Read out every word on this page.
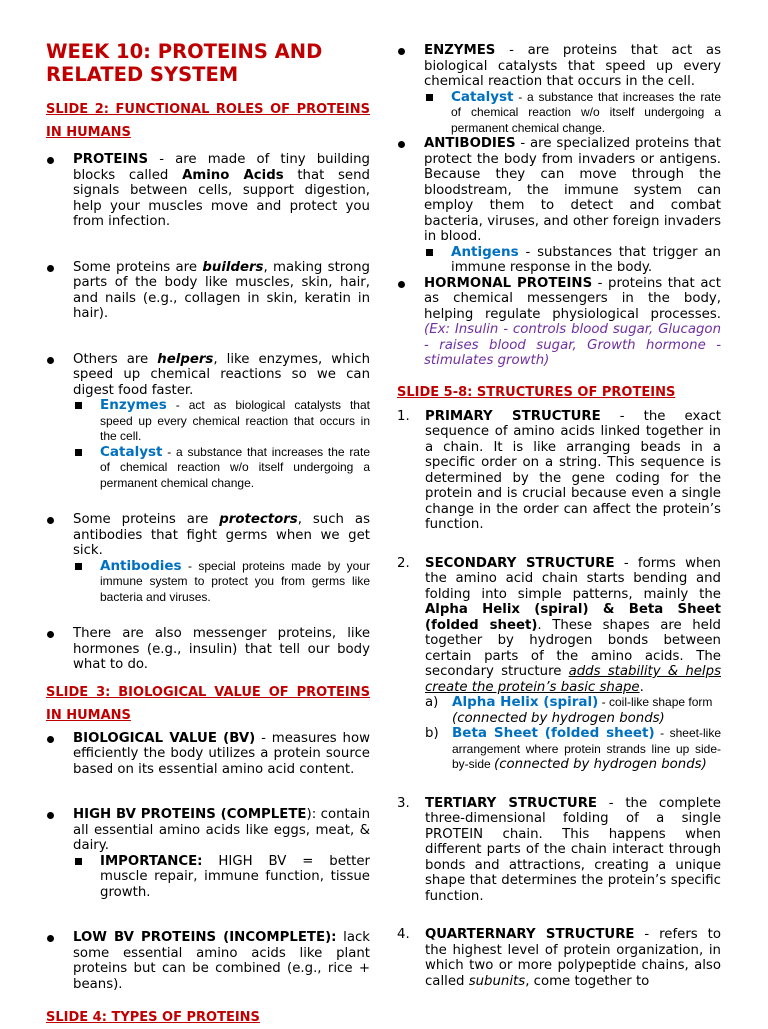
WEEK 10: PROTEINS AND RELATED SYSTEM

SLIDE 2: FUNCTIONAL ROLES OF PROTEINS IN HUMANS

PROTEINS - are made of tiny building blocks called Amino Acids that send signals between cells, support digestion, help your muscles move and protect you from infection.
Some proteins are builders, making strong parts of the body like muscles, skin, hair, and nails (e.g., collagen in skin, keratin in hair).
Others are helpers, like enzymes, which speed up chemical reactions so we can digest food faster.
Enzymes - act as biological catalysts that speed up every chemical reaction that occurs in the cell.
Catalyst - a substance that increases the rate of chemical reaction w/o itself undergoing a permanent chemical change.
Some proteins are protectors, such as antibodies that fight germs when we get sick.
Antibodies - special proteins made by your immune system to protect you from germs like bacteria and viruses.
There are also messenger proteins, like hormones (e.g., insulin) that tell our body what to do.

SLIDE 3: BIOLOGICAL VALUE OF PROTEINS IN HUMANS

BIOLOGICAL VALUE (BV) - measures how efficiently the body utilizes a protein source based on its essential amino acid content.
HIGH BV PROTEINS (COMPLETE): contain all essential amino acids like eggs, meat, & dairy.
IMPORTANCE: HIGH BV = better muscle repair, immune function, tissue growth.
LOW BV PROTEINS (INCOMPLETE): lack some essential amino acids like plant proteins but can be combined (e.g., rice + beans).

SLIDE 4: TYPES OF PROTEINS

ENZYMES - are proteins that act as biological catalysts that speed up every chemical reaction that occurs in the cell.
Catalyst - a substance that increases the rate of chemical reaction w/o itself undergoing a permanent chemical change.
ANTIBODIES - are specialized proteins that protect the body from invaders or antigens. Because they can move through the bloodstream, the immune system can employ them to detect and combat bacteria, viruses, and other foreign invaders in blood.
Antigens - substances that trigger an immune response in the body.
HORMONAL PROTEINS - proteins that act as chemical messengers in the body, helping regulate physiological processes. (Ex: Insulin - controls blood sugar, Glucagon - raises blood sugar, Growth hormone - stimulates growth)

SLIDE 5-8: STRUCTURES OF PROTEINS

1. PRIMARY STRUCTURE - the exact sequence of amino acids linked together in a chain. It is like arranging beads in a specific order on a string. This sequence is determined by the gene coding for the protein and is crucial because even a single change in the order can affect the protein’s function.
2. SECONDARY STRUCTURE - forms when the amino acid chain starts bending and folding into simple patterns, mainly the Alpha Helix (spiral) & Beta Sheet (folded sheet). These shapes are held together by hydrogen bonds between certain parts of the amino acids. The secondary structure adds stability & helps create the protein’s basic shape.
a) Alpha Helix (spiral) - coil-like shape form
(connected by hydrogen bonds)
b) Beta Sheet (folded sheet) - sheet-like arrangement where protein strands line up side-by-side (connected by hydrogen bonds)
3. TERTIARY STRUCTURE - the complete three-dimensional folding of a single PROTEIN chain. This happens when different parts of the chain interact through bonds and attractions, creating a unique shape that determines the protein’s specific function.
4. QUARTERNARY STRUCTURE - refers to the highest level of protein organization, in which two or more polypeptide chains, also called subunits, come together to
